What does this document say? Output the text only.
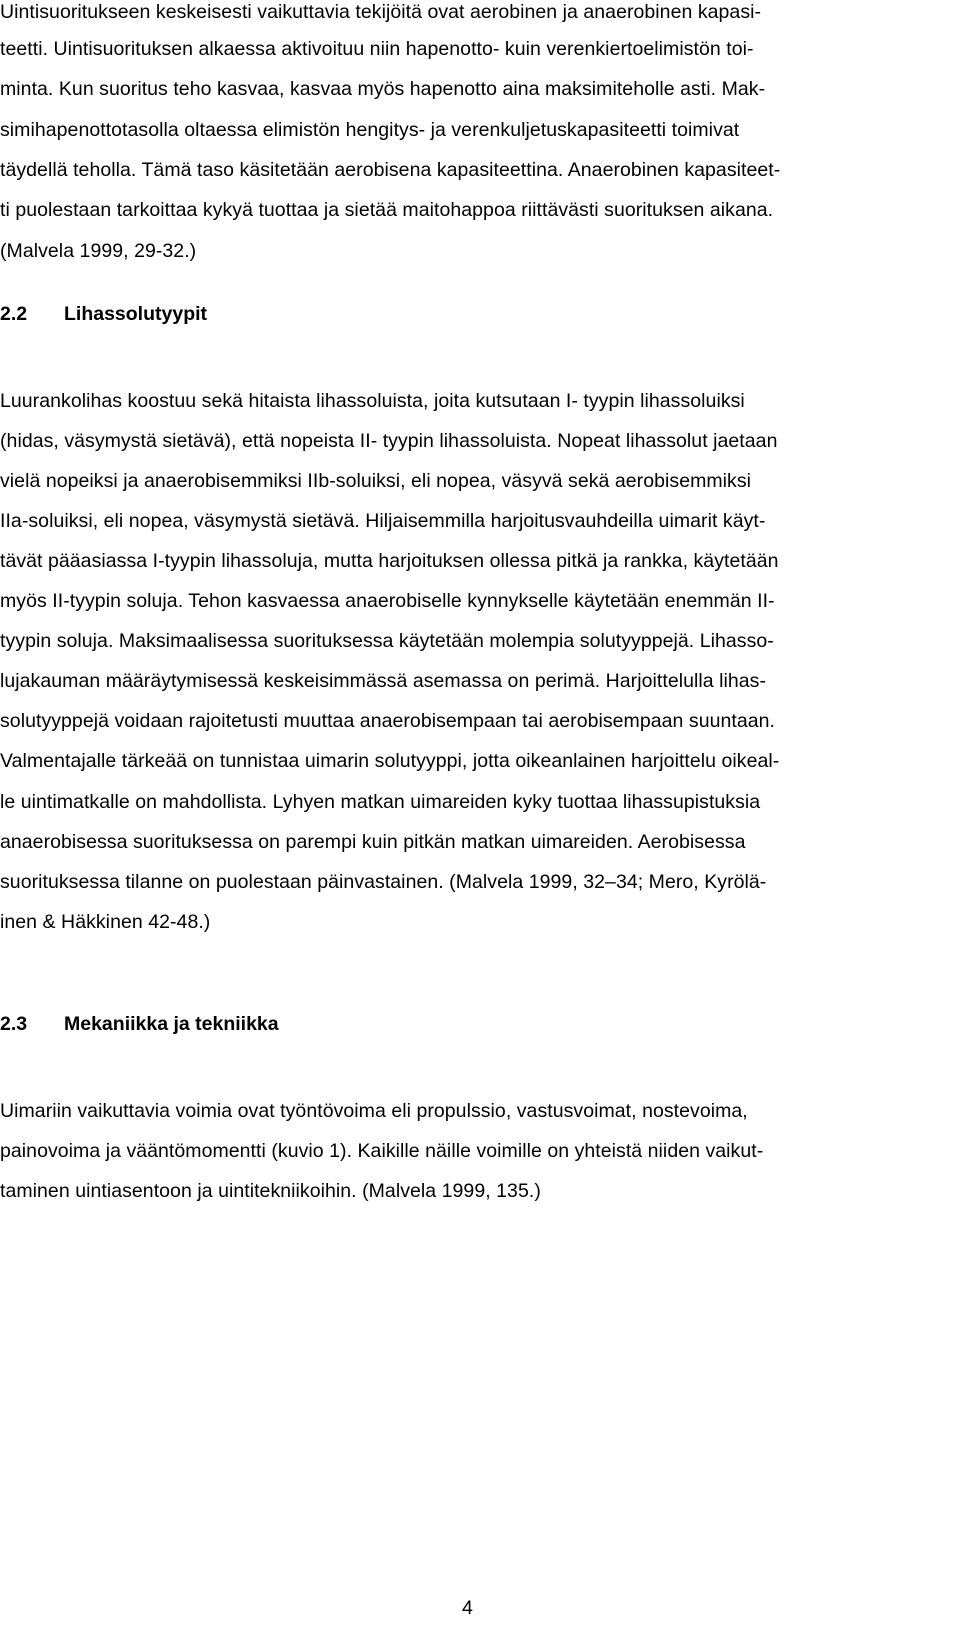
Uintisuoritukseen keskeisesti vaikuttavia tekijöitä ovat aerobinen ja anaerobinen kapasi-
teetti. Uintisuorituksen alkaessa aktivoituu niin hapenotto- kuin verenkiertoelimistön toi-
minta. Kun suoritus teho kasvaa, kasvaa myös hapenotto aina maksimiteholle asti. Mak-
simihapenottotasolla oltaessa elimistön hengitys- ja verenkuljetuskapasiteetti toimivat
täydellä teholla. Tämä taso käsitetään aerobisena kapasiteettina. Anaerobinen kapasiteet-
ti puolestaan tarkoittaa kykyä tuottaa ja sietää maitohappoa riittävästi suorituksen aikana.
(Malvela 1999, 29-32.)
2.2 Lihassolutyypit
Luurankolihas koostuu sekä hitaista lihassoluista, joita kutsutaan I- tyypin lihassoluiksi
(hidas, väsymystä sietävä), että nopeista II- tyypin lihassoluista. Nopeat lihassolut jaetaan
vielä nopeiksi ja anaerobisemmiksi IIb-soluiksi, eli nopea, väsyvä sekä aerobisemmiksi
IIa-soluiksi, eli nopea, väsymystä sietävä. Hiljaisemmilla harjoitusvauhdeilla uimarit käyt-
tävät pääasiassa I-tyypin lihassoluja, mutta harjoituksen ollessa pitkä ja rankka, käytetään
myös II-tyypin soluja. Tehon kasvaessa anaerobiselle kynnykselle käytetään enemmän II-
tyypin soluja. Maksimaalisessa suorituksessa käytetään molempia solutyyppejä. Lihasso-
lujakauman määräytymisessä keskeisimmässä asemassa on perimä. Harjoittelulla lihas-
solutyyppejä voidaan rajoitetusti muuttaa anaerobisempaan tai aerobisempaan suuntaan.
Valmentajalle tärkeää on tunnistaa uimarin solutyyppi, jotta oikeanlainen harjoittelu oikeal-
le uintimatkalle on mahdollista. Lyhyen matkan uimareiden kyky tuottaa lihassupistuksia
anaerobisessa suorituksessa on parempi kuin pitkän matkan uimareiden. Aerobisessa
suorituksessa tilanne on puolestaan päinvastainen. (Malvela 1999, 32–34; Mero, Kyrölä-
inen & Häkkinen 42-48.)
2.3 Mekaniikka ja tekniikka
Uimariin vaikuttavia voimia ovat työntövoima eli propulssio, vastusvoimat, nostevoima,
painovoima ja vääntömomentti (kuvio 1). Kaikille näille voimille on yhteistä niiden vaikut-
taminen uintiasentoon ja uintitekniikoihin. (Malvela 1999, 135.)
4
